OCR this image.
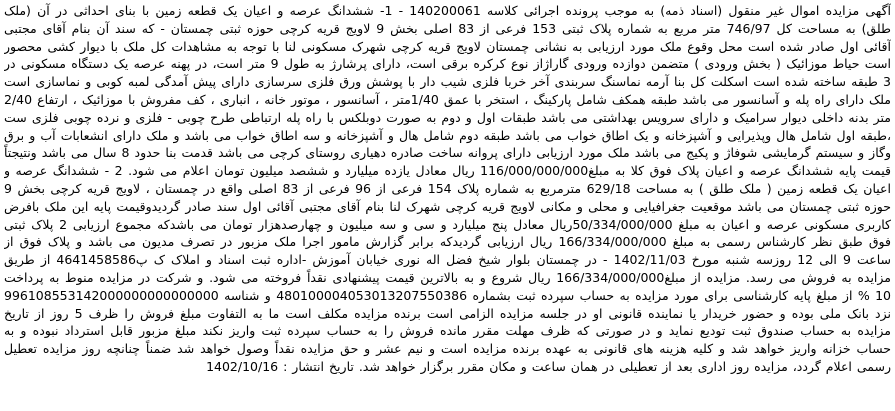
آگهی مزایده اموال غیر منقول (اسناد ذمه) به موجب پرونده اجرائی کلاسه 140200061 - 1- ششدانگ عرصه و اعیان یک قطعه زمین با بنای احداثی در آن (ملک طلق) به مساحت کل 746/97 متر مربع به شماره پلاک ثبتی 153 فرعی از 83 اصلی بخش 9 لاویج قریه کرچی حوزه ثبتی چمستان - که سند آن بنام آقای مجتبی آقائی اول صادر شده است محل وقوع ملک مورد ارزیابی به نشانی چمستان لاویج قریه کرچی شهرک مسکونی لنا با توجه به مشاهدات کل ملک با دیوار کشی محصور است حیاط موزائیک ( بخش ورودی ) متضمن دوازده ورودی گاراژاز نوع کرکره برقی است، دارای پرشارژ به طول 9 متر است، در پهنه عرصه یک دستگاه مسکونی در 3 طبقه ساخته شده است اسکلت کل بنا آرمه نماسنگ سربندی آخر خربا فلزی شیب دار با پوشش ورق فلزی سرسازی دارای پیش آمدگی لمبه کوبی و نماسازی است ملک دارای راه پله و آسانسور می باشد طبقه همکف شامل پارکینگ ، استخر با عمق 1/40متر ، آسانسور ، موتور خانه ، انباری ، کف مفروش با موزائیک ، ارتفاع 2/40 متر بدنه داخلی دیوار سرامیک و دارای سرویس بهداشتی می باشد طبقات اول و دوم به صورت دوبلکس با راه پله ارتباطی طرح چوبی - فلزی و نرده چوبی فلزی ست ،طبقه اول شامل هال وپذیرایی و آشپزخانه و یک اطاق خواب می باشد طبقه دوم شامل هال و آشپزخانه و سه اطاق خواب می باشد و ملک دارای انشعابات آب و برق وگاز و سیستم گرمایشی شوفاژ و پکیج می باشد ملک مورد ارزیابی دارای پروانه ساخت صادره دهیاری روستای کرچی می باشد قدمت بنا حدود 8 سال می باشد ونتیجتاً قیمت پایه ششدانگ عرصه و اعیان پلاک فوق کلا به مبلغ116/000/000/000 ریال معادل یازده میلیارد و ششصد میلیون تومان اعلام می شود. 2 - ششدانگ عرصه و اعیان یک قطعه زمین ( ملک طلق ) به مساحت 629/18 مترمربع به شماره پلاک 154 فرعی از 96 فرعی از 83 اصلی واقع در چمستان ، لاویج قریه کرچی بخش 9 حوزه ثبتی چمستان می باشد موقعیت جغرافیایی و محلی و مکانی لاویج قریه کرچی شهرک لنا بنام آقای مجتبی آقائی اول سند صادر گردیدوقیمت پایه این ملک بافرض کاربری مسکونی عرصه و اعیان به مبلغ 50/334/000/000ریال معادل پنج میلیارد و سی و سه میلیون و چهارصدهزار تومان می باشدکه مجموع ارزیابی 2 پلاک ثبتی فوق طبق نظر کارشناس رسمی به مبلغ 166/334/000/000 ریال ارزیابی گردیدکه برابر گزارش مامور اجرا ملک مزبور در تصرف مدیون می باشد و پلاک فوق از ساعت 9 الی 12 روزسه شنبه مورخ 1402/11/03 - در چمستان بلوار شیخ فضل اله نوری خیابان آموزش -اداره ثبت اسناد و املاک ک پ4641458586 از طریق مزایده به فروش می رسد. مزایده از مبلغ166/334/000/000 ریال شروع و به بالاترین قیمت پیشنهادی نقداً فروخته می شود. و شرکت در مزایده منوط به پرداخت 10 % از مبلغ پایه کارشناسی برای مورد مزایده به حساب سپرده ثبت بشماره 480100004053013207550386 و شناسه 996108553142000000000000000 نزد بانک ملی بوده و حضور خریدار یا نماینده قانونی او در جلسه مزایده الزامی است برنده مزایده مکلف است ما به التفاوت مبلغ فروش را ظرف 5 روز از تاریخ مزایده به حساب صندوق ثبت تودیع نماید و در صورتی که ظرف مهلت مقرر مانده فروش را به حساب سپرده ثبت واریز نکند مبلغ مزبور قابل استرداد نبوده و به حساب خزانه واریز خواهد شد و کلیه هزینه های قانونی به عهده برنده مزایده است و نیم عشر و حق مزایده نقداً وصول خواهد شد ضمناً چنانچه روز مزایده تعطیل رسمی اعلام گردد، مزایده روز اداری بعد از تعطیلی در همان ساعت و مکان مقرر برگزار خواهد شد. تاریخ انتشار : 1402/10/16
